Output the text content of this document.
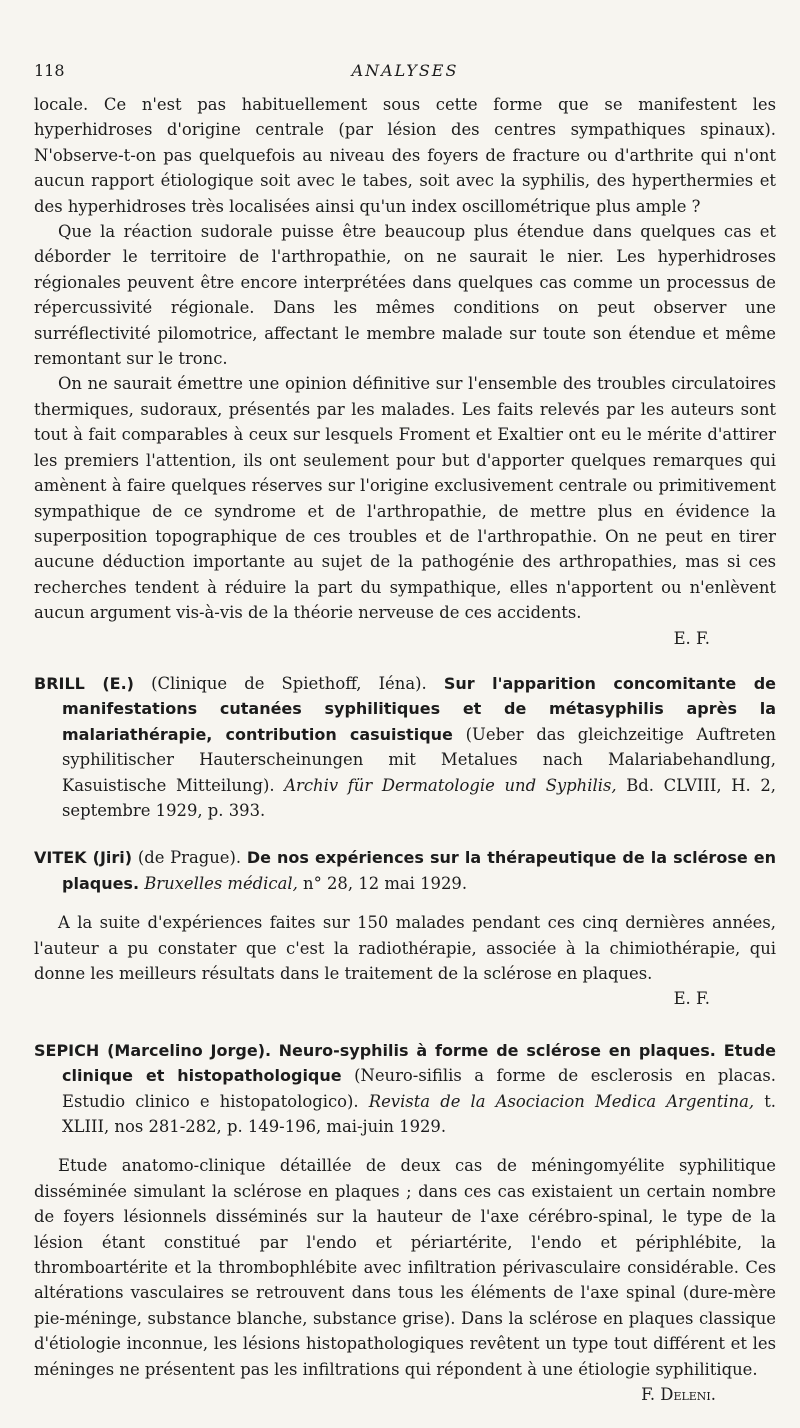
118	ANALYSES

locale. Ce n'est pas habituellement sous cette forme que se manifestent les hyperhidroses d'origine centrale (par lésion des centres sympathiques spinaux). N'observe-t-on pas quelquefois au niveau des foyers de fracture ou d'arthrite qui n'ont aucun rapport étiologique soit avec le tabes, soit avec la syphilis, des hyperthermies et des hyperhidroses très localisées ainsi qu'un index oscillométrique plus ample ?

Que la réaction sudorale puisse être beaucoup plus étendue dans quelques cas et déborder le territoire de l'arthropathie, on ne saurait le nier. Les hyperhidroses régionales peuvent être encore interprétées dans quelques cas comme un processus de répercussivité régionale. Dans les mêmes conditions on peut observer une surréflectivité pilomotrice, affectant le membre malade sur toute son étendue et même remontant sur le tronc.

On ne saurait émettre une opinion définitive sur l'ensemble des troubles circulatoires thermiques, sudoraux, présentés par les malades. Les faits relevés par les auteurs sont tout à fait comparables à ceux sur lesquels Froment et Exaltier ont eu le mérite d'attirer les premiers l'attention, ils ont seulement pour but d'apporter quelques remarques qui amènent à faire quelques réserves sur l'origine exclusivement centrale ou primitivement sympathique de ce syndrome et de l'arthropathie, de mettre plus en évidence la superposition topographique de ces troubles et de l'arthropathie. On ne peut en tirer aucune déduction importante au sujet de la pathogénie des arthropathies, mas si ces recherches tendent à réduire la part du sympathique, elles n'apportent ou n'enlèvent aucun argument vis-à-vis de la théorie nerveuse de ces accidents.

E. F.

BRILL (E.) (Clinique de Spiethoff, Iéna). Sur l'apparition concomitante de manifestations cutanées syphilitiques et de métasyphilis après la malariathérapie, contribution casuistique (Ueber das gleichzeitige Auftreten syphilitischer Hauterscheinungen mit Metalues nach Malariabehandlung, Kasuistische Mitteilung). Archiv für Dermatologie und Syphilis, Bd. CLVIII, H. 2, septembre 1929, p. 393.

VITEK (Jiri) (de Prague). De nos expériences sur la thérapeutique de la sclérose en plaques. Bruxelles médical, n° 28, 12 mai 1929.

A la suite d'expériences faites sur 150 malades pendant ces cinq dernières années, l'auteur a pu constater que c'est la radiothérapie, associée à la chimiothérapie, qui donne les meilleurs résultats dans le traitement de la sclérose en plaques.

E. F.

SEPICH (Marcelino Jorge). Neuro-syphilis à forme de sclérose en plaques. Etude clinique et histopathologique (Neuro-sifilis a forme de esclerosis en placas. Estudio clinico e histopatologico). Revista de la Asociacion Medica Argentina, t. XLIII, nos 281-282, p. 149-196, mai-juin 1929.

Etude anatomo-clinique détaillée de deux cas de méningomyélite syphilitique disséminée simulant la sclérose en plaques ; dans ces cas existaient un certain nombre de foyers lésionnels disséminés sur la hauteur de l'axe cérébro-spinal, le type de la lésion étant constitué par l'endo et périartérite, l'endo et périphlébite, la thromboartérite et la thrombophlébite avec infiltration périvasculaire considérable. Ces altérations vasculaires se retrouvent dans tous les éléments de l'axe spinal (dure-mère pie-méninge, substance blanche, substance grise). Dans la sclérose en plaques classique d'étiologie inconnue, les lésions histopathologiques revêtent un type tout différent et les méninges ne présentent pas les infiltrations qui répondent à une étiologie syphilitique.

F. Deleni.
